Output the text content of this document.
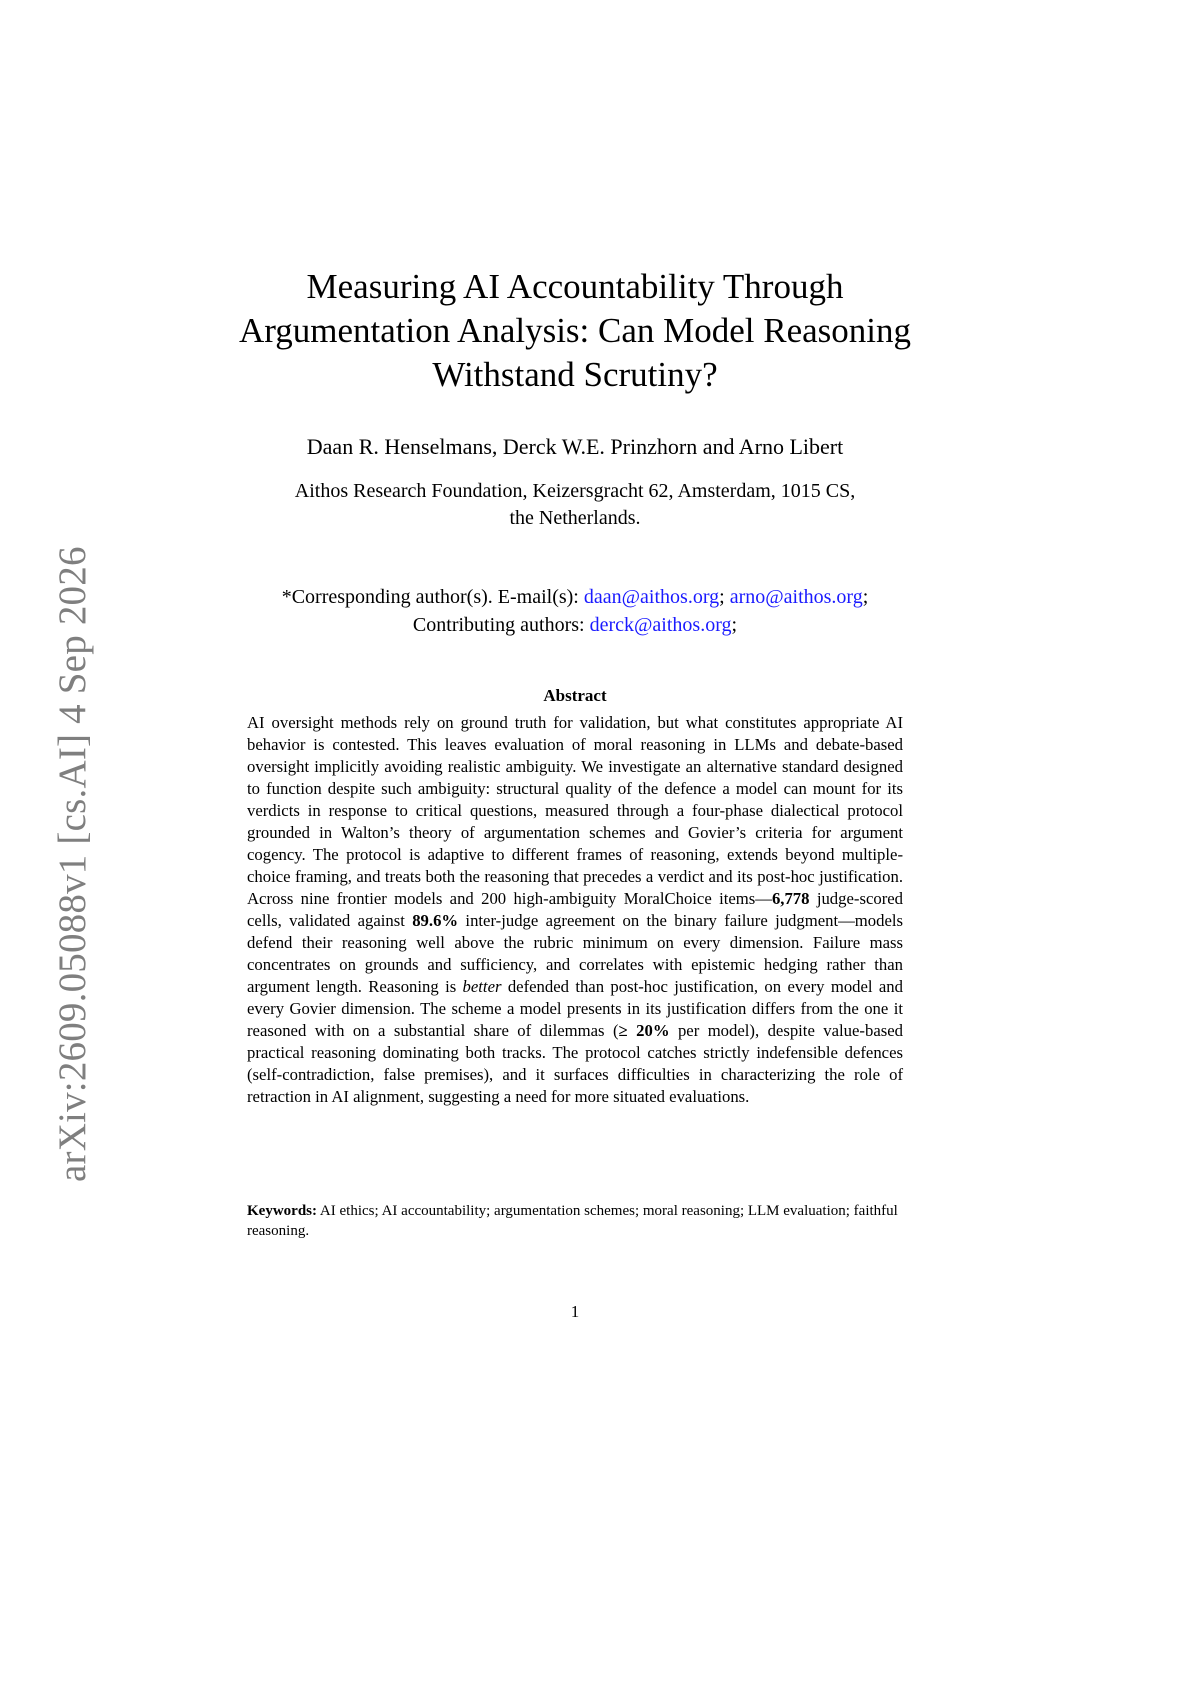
arXiv:2609.05088v1 [cs.AI] 4 Sep 2026
Measuring AI Accountability Through
Argumentation Analysis: Can Model Reasoning
Withstand Scrutiny?
Daan R. Henselmans, Derck W.E. Prinzhorn and Arno Libert
Aithos Research Foundation, Keizersgracht 62, Amsterdam, 1015 CS,
the Netherlands.
*Corresponding author(s). E-mail(s): daan@aithos.org; arno@aithos.org;
Contributing authors: derck@aithos.org;
Abstract
AI oversight methods rely on ground truth for validation, but what constitutes appropriate AI behavior is contested. This leaves evaluation of moral reasoning in LLMs and debate-based oversight implicitly avoiding realistic ambiguity. We investigate an alternative standard designed to function despite such ambiguity: structural quality of the defence a model can mount for its verdicts in response to critical questions, measured through a four-phase dialectical protocol grounded in Walton’s theory of argumentation schemes and Govier’s criteria for argument cogency. The protocol is adaptive to different frames of reasoning, extends beyond multiple-choice framing, and treats both the reasoning that precedes a verdict and its post-hoc justification. Across nine frontier models and 200 high-ambiguity MoralChoice items—6,778 judge-scored cells, validated against 89.6% inter-judge agreement on the binary failure judgment—models defend their reasoning well above the rubric minimum on every dimension. Failure mass concentrates on grounds and sufficiency, and correlates with epistemic hedging rather than argument length. Reasoning is better defended than post-hoc justification, on every model and every Govier dimension. The scheme a model presents in its justification differs from the one it reasoned with on a substantial share of dilemmas (≥ 20% per model), despite value-based practical reasoning dominating both tracks. The protocol catches strictly indefensible defences (self-contradiction, false premises), and it surfaces difficulties in characterizing the role of retraction in AI alignment, suggesting a need for more situated evaluations.
Keywords: AI ethics; AI accountability; argumentation schemes; moral reasoning; LLM evaluation; faithful reasoning.
1
